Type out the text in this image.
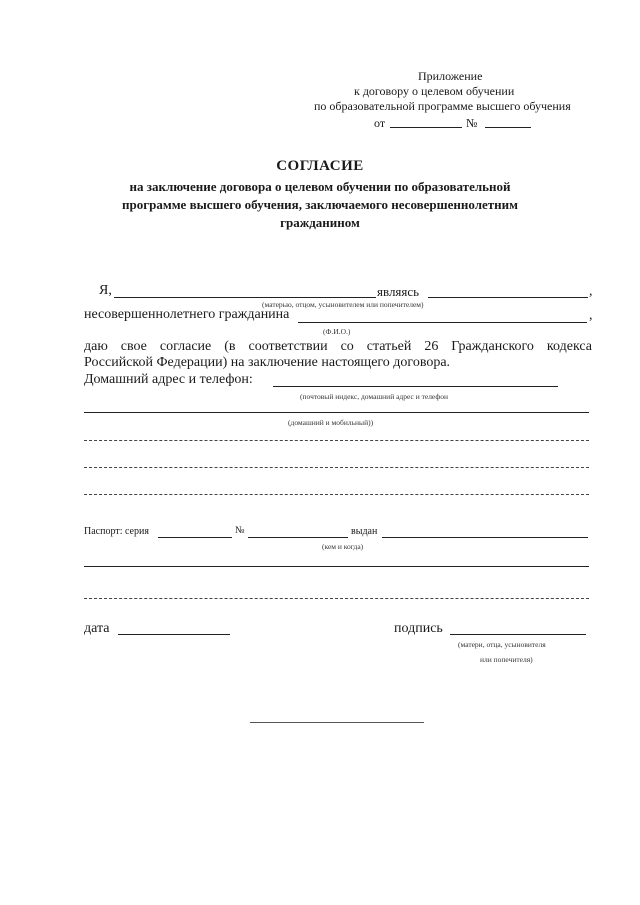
Приложение
к договору о целевом обучении
по образовательной программе высшего обучения
от	№
СОГЛАСИЕ
на заключение договора о целевом обучении по образовательной
программе высшего обучения, заключаемого несовершеннолетним
гражданином
Я,	являясь	,
(матерью, отцом, усыновителем или попечителем)
несовершеннолетнего гражданина	,
(Ф.И.О.)
даю свое согласие (в соответствии со статьей 26 Гражданского кодекса
Российской Федерации) на заключение настоящего договора.
Домашний адрес и телефон:
(почтовый индекс, домашний адрес и телефон
(домашний и мобильный))
Паспорт: серия	№	выдан
(кем и когда)
дата	подпись
(матери, отца, усыновителя
или попечителя)
